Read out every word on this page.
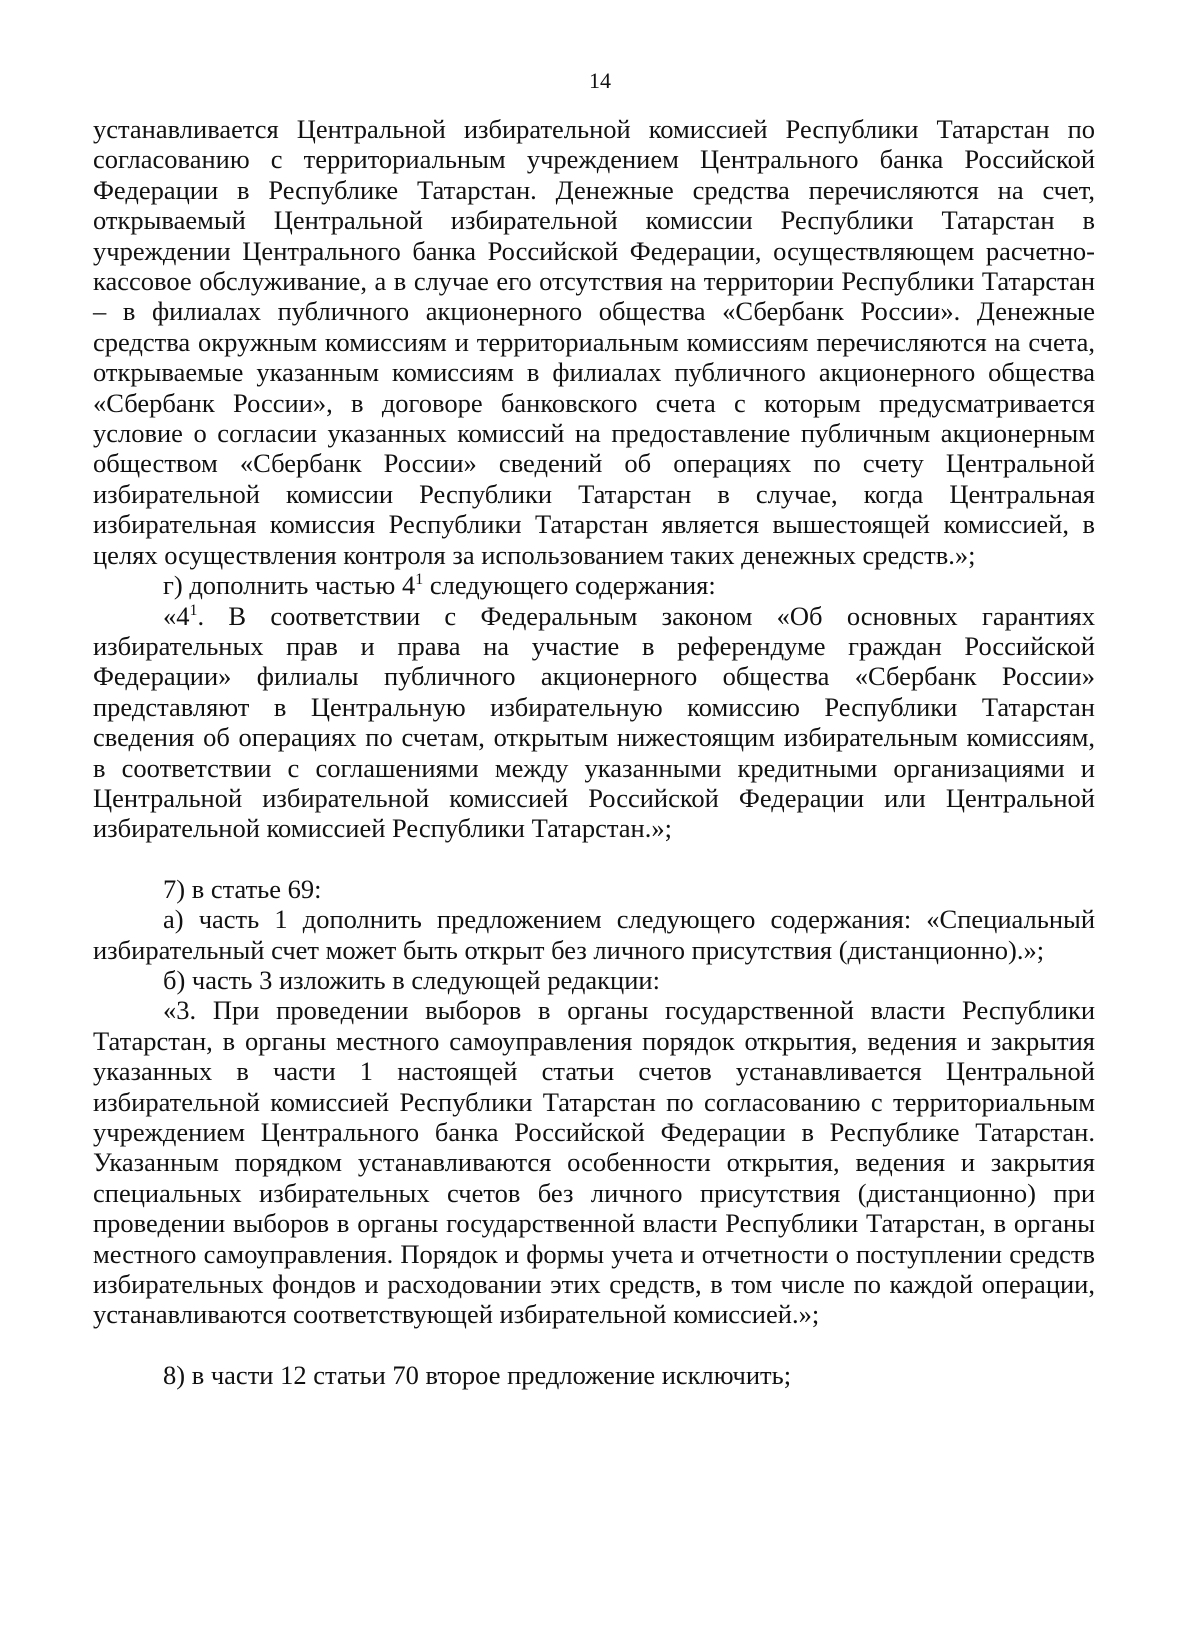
14

устанавливается Центральной избирательной комиссией Республики Татарстан по согласованию с территориальным учреждением Центрального банка Российской Федерации в Республике Татарстан. Денежные средства перечисляются на счет, открываемый Центральной избирательной комиссии Республики Татарстан в учреждении Центрального банка Российской Федерации, осуществляющем расчетно-кассовое обслуживание, а в случае его отсутствия на территории Республики Татарстан – в филиалах публичного акционерного общества «Сбербанк России». Денежные средства окружным комиссиям и территориальным комиссиям перечисляются на счета, открываемые указанным комиссиям в филиалах публичного акционерного общества «Сбербанк России», в договоре банковского счета с которым предусматривается условие о согласии указанных комиссий на предоставление публичным акционерным обществом «Сбербанк России» сведений об операциях по счету Центральной избирательной комиссии Республики Татарстан в случае, когда Центральная избирательная комиссия Республики Татарстан является вышестоящей комиссией, в целях осуществления контроля за использованием таких денежных средств.»;

г) дополнить частью $4^1$ следующего содержания:

«$4^1$. В соответствии с Федеральным законом «Об основных гарантиях избирательных прав и права на участие в референдуме граждан Российской Федерации» филиалы публичного акционерного общества «Сбербанк России» представляют в Центральную избирательную комиссию Республики Татарстан сведения об операциях по счетам, открытым нижестоящим избирательным комиссиям, в соответствии с соглашениями между указанными кредитными организациями и Центральной избирательной комиссией Российской Федерации или Центральной избирательной комиссией Республики Татарстан.»;

7) в статье 69:

а) часть 1 дополнить предложением следующего содержания: «Специальный избирательный счет может быть открыт без личного присутствия (дистанционно).»;

б) часть 3 изложить в следующей редакции:

«3. При проведении выборов в органы государственной власти Республики Татарстан, в органы местного самоуправления порядок открытия, ведения и закрытия указанных в части 1 настоящей статьи счетов устанавливается Центральной избирательной комиссией Республики Татарстан по согласованию с территориальным учреждением Центрального банка Российской Федерации в Республике Татарстан. Указанным порядком устанавливаются особенности открытия, ведения и закрытия специальных избирательных счетов без личного присутствия (дистанционно) при проведении выборов в органы государственной власти Республики Татарстан, в органы местного самоуправления. Порядок и формы учета и отчетности о поступлении средств избирательных фондов и расходовании этих средств, в том числе по каждой операции, устанавливаются соответствующей избирательной комиссией.»;

8) в части 12 статьи 70 второе предложение исключить;
